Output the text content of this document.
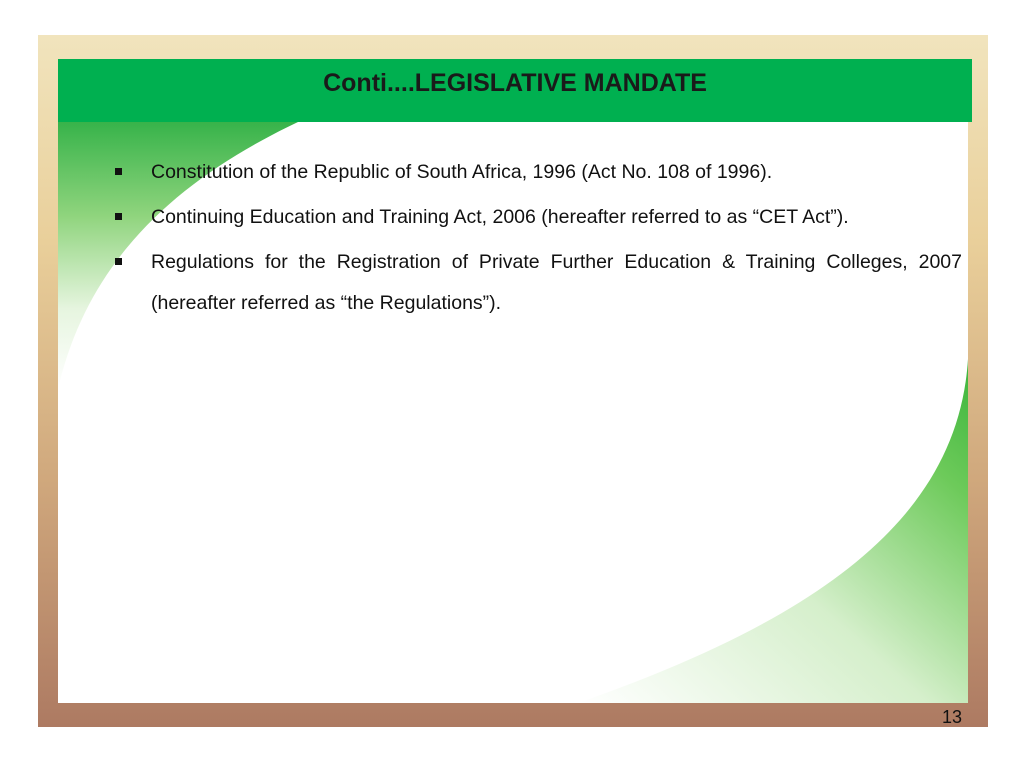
Conti....LEGISLATIVE MANDATE
Constitution of the Republic of South Africa, 1996 (Act No. 108 of 1996).
Continuing Education and Training Act, 2006 (hereafter referred to as “CET Act”).
Regulations for the Registration of Private Further Education & Training Colleges, 2007 (hereafter referred as “the Regulations”).
13
